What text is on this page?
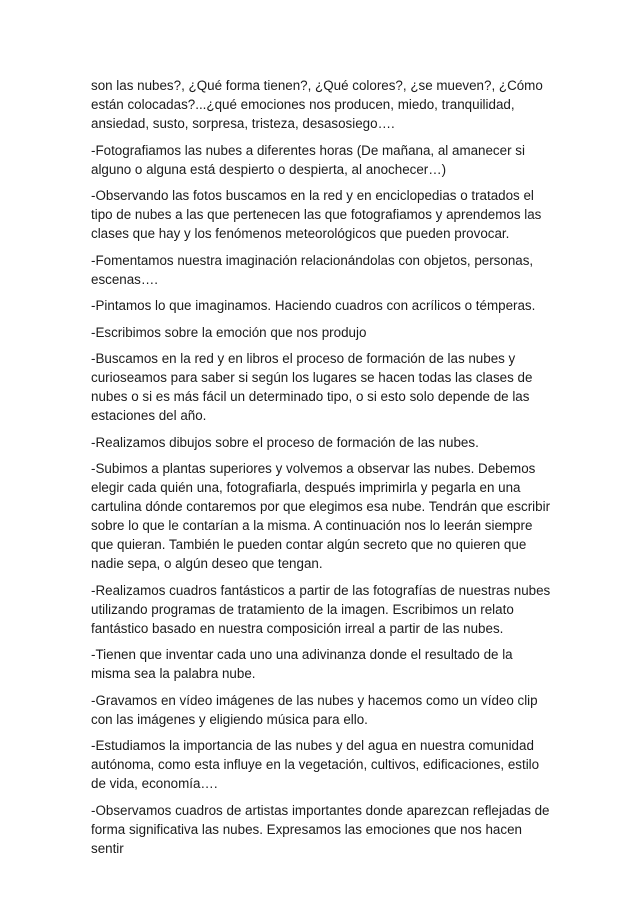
son las nubes?, ¿Qué forma tienen?, ¿Qué colores?, ¿se mueven?, ¿Cómo están colocadas?...¿qué emociones nos producen, miedo, tranquilidad, ansiedad, susto, sorpresa, tristeza, desasosiego….

-Fotografiamos las nubes a diferentes horas (De mañana, al amanecer si alguno o alguna está despierto o despierta, al anochecer…)

-Observando las fotos buscamos en la red y en enciclopedias o tratados el tipo de nubes a las que pertenecen las que fotografiamos y aprendemos las clases que hay y los fenómenos meteorológicos que pueden provocar.

-Fomentamos nuestra imaginación relacionándolas con objetos, personas, escenas….

-Pintamos lo que imaginamos. Haciendo cuadros con acrílicos o témperas.

-Escribimos sobre la emoción que nos produjo

-Buscamos en la red y en libros el proceso de formación de las nubes y curioseamos para saber si según los lugares se hacen todas las clases de nubes o si es más fácil un determinado tipo, o si esto solo depende de las estaciones del año.

-Realizamos dibujos sobre el proceso de formación de las nubes.

-Subimos a plantas superiores y volvemos a observar las nubes. Debemos elegir cada quién una, fotografiarla, después imprimirla y pegarla en una cartulina dónde contaremos por que elegimos esa nube. Tendrán que escribir sobre lo que le contarían a la misma. A continuación nos lo leerán siempre que quieran. También le pueden contar algún secreto que no quieren que nadie sepa, o algún deseo que tengan.

-Realizamos cuadros fantásticos a partir de las fotografías de nuestras nubes utilizando programas de tratamiento de la imagen. Escribimos un relato fantástico basado en nuestra composición irreal a partir de las nubes.

-Tienen que inventar cada uno una adivinanza donde el resultado de la misma sea la palabra nube.

-Gravamos en vídeo imágenes de las nubes y hacemos como un vídeo clip con las imágenes y eligiendo música para ello.

-Estudiamos la importancia de las nubes y del agua en nuestra comunidad autónoma, como esta influye en la vegetación, cultivos, edificaciones, estilo de vida, economía….

-Observamos cuadros de artistas importantes donde aparezcan reflejadas de forma significativa las nubes. Expresamos las emociones que nos hacen sentir
